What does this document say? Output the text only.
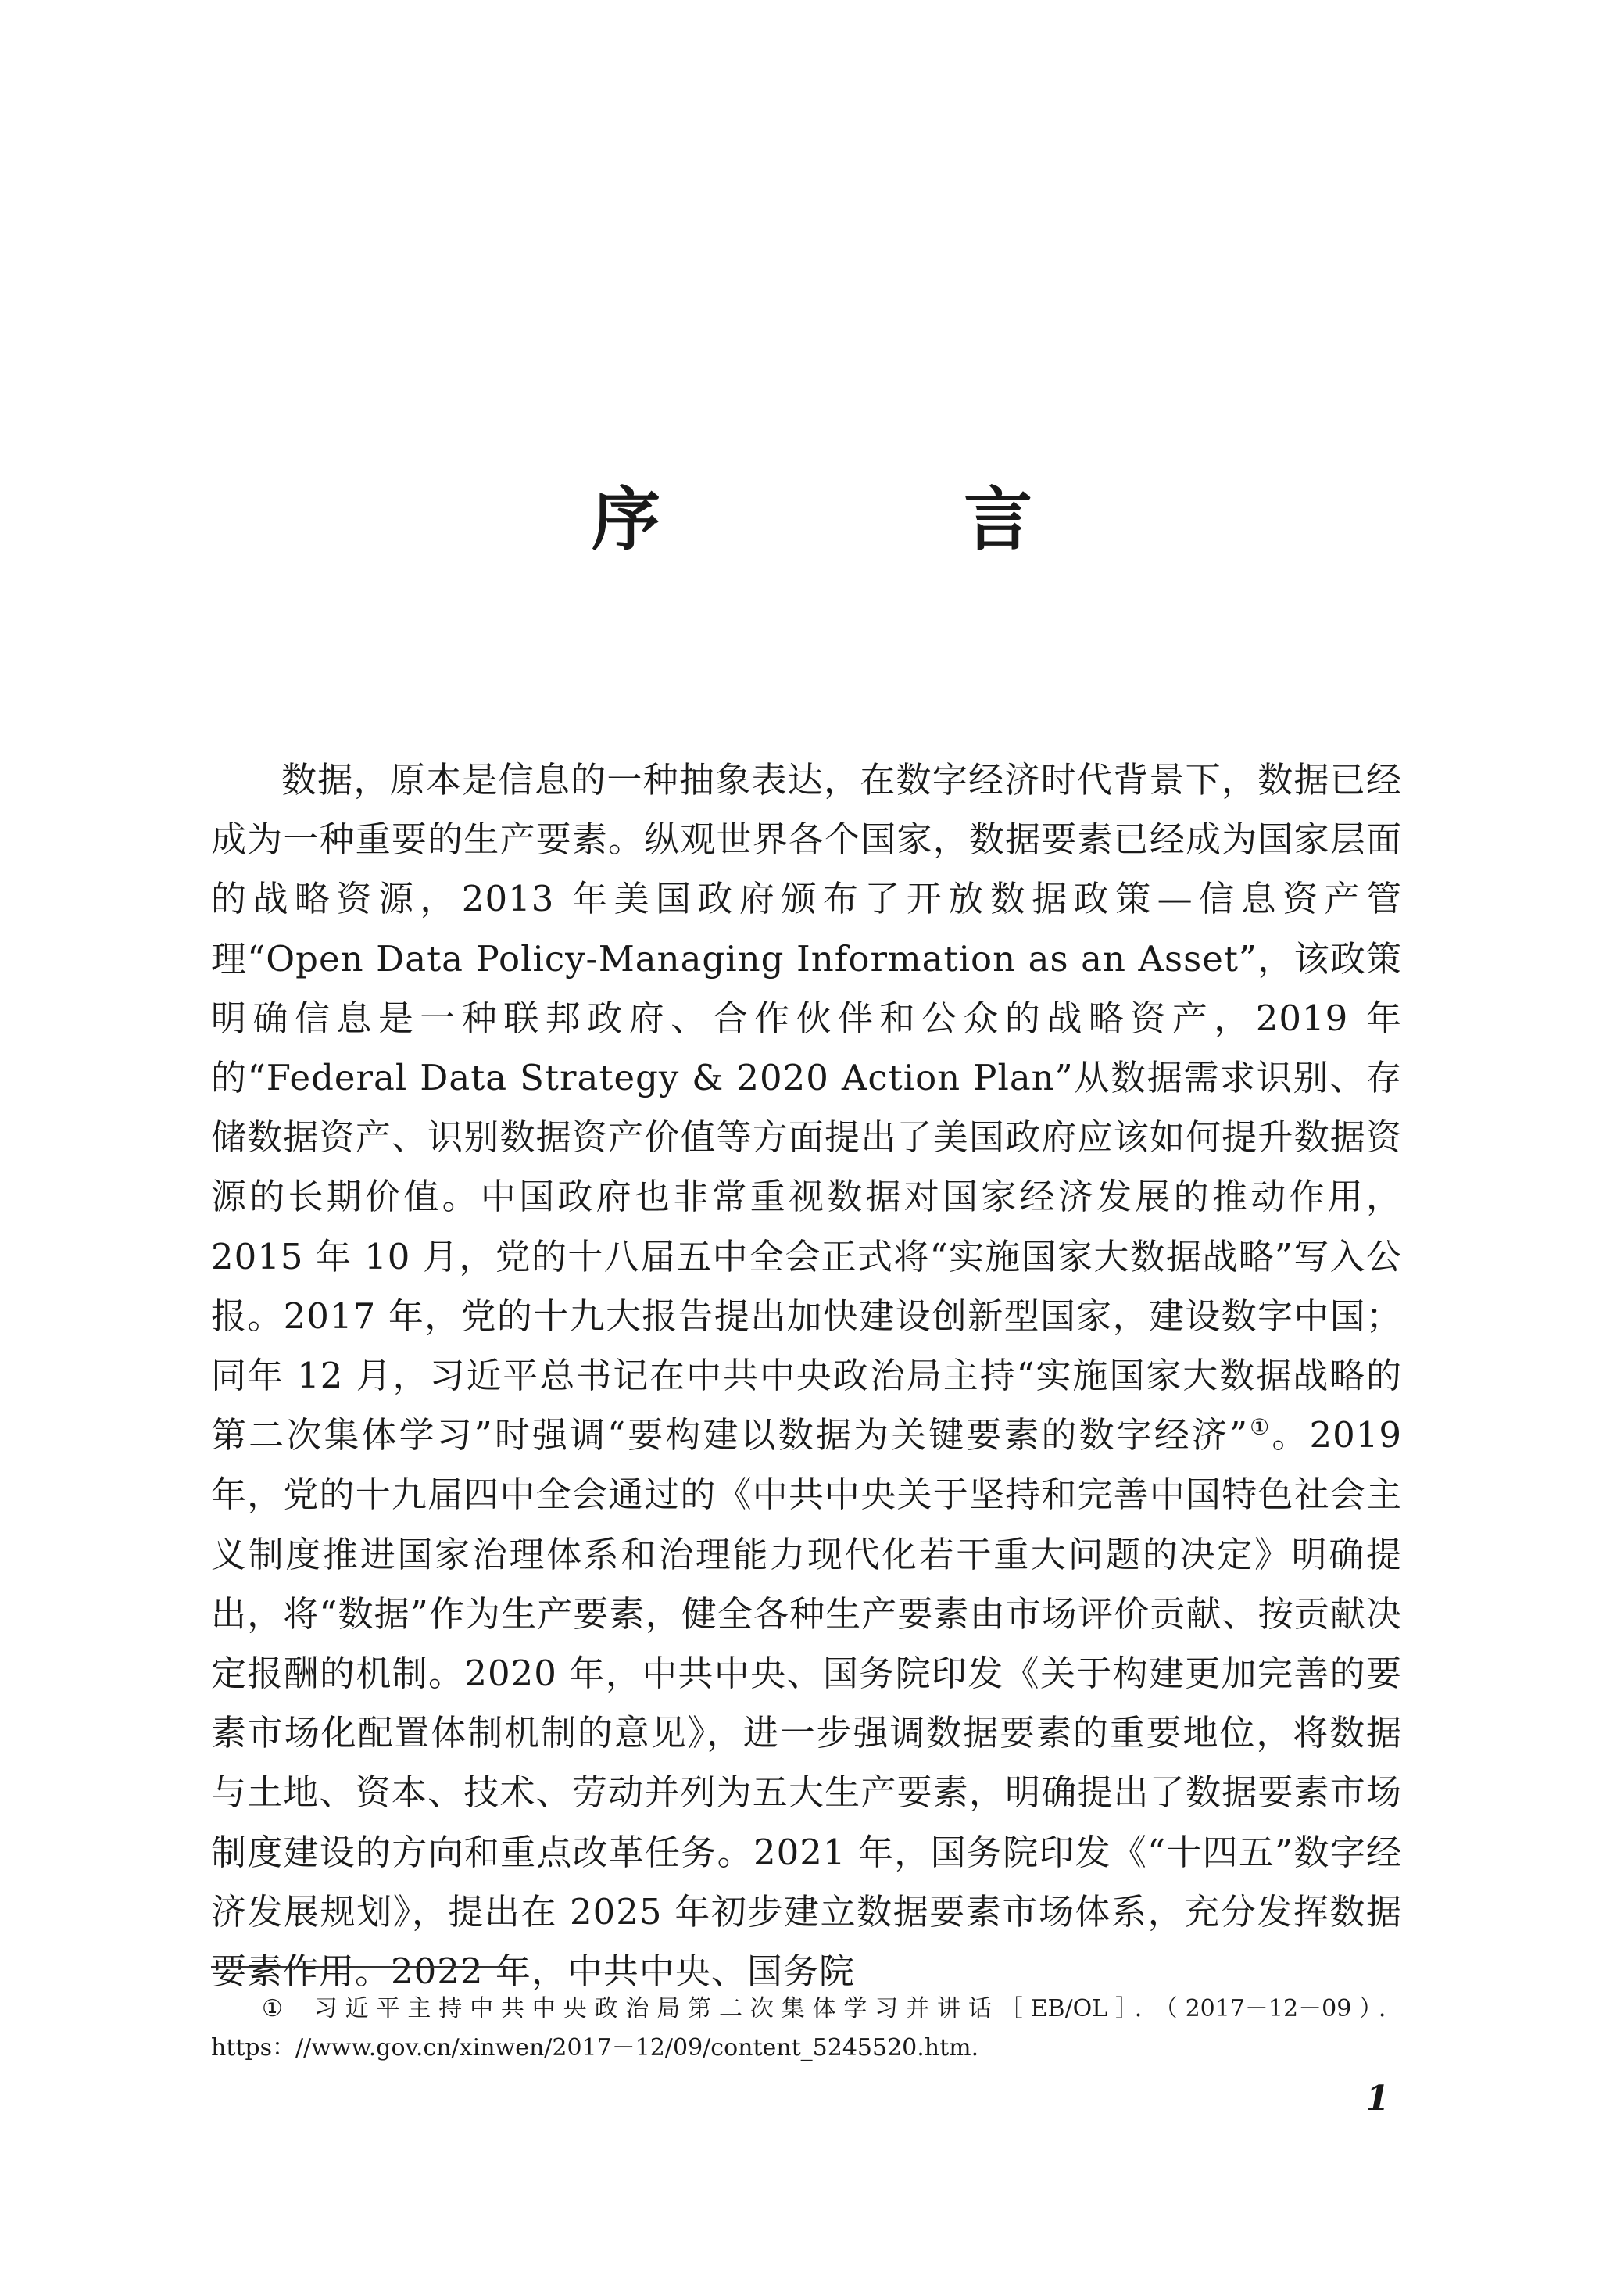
序　言

数据，原本是信息的一种抽象表达，在数字经济时代背景下，数据已经成为一种重要的生产要素。纵观世界各个国家，数据要素已经成为国家层面的战略资源，2013 年美国政府颁布了开放数据政策—信息资产管理“Open Data Policy-Managing Information as an Asset”，该政策明确信息是一种联邦政府、合作伙伴和公众的战略资产，2019 年的“Federal Data Strategy & 2020 Action Plan”从数据需求识别、存储数据资产、识别数据资产价值等方面提出了美国政府应该如何提升数据资源的长期价值。中国政府也非常重视数据对国家经济发展的推动作用，2015 年 10 月，党的十八届五中全会正式将“实施国家大数据战略”写入公报。2017 年，党的十九大报告提出加快建设创新型国家，建设数字中国；同年 12 月，习近平总书记在中共中央政治局主持“实施国家大数据战略的第二次集体学习”时强调“要构建以数据为关键要素的数字经济”①。2019 年，党的十九届四中全会通过的《中共中央关于坚持和完善中国特色社会主义制度推进国家治理体系和治理能力现代化若干重大问题的决定》明确提出，将“数据”作为生产要素，健全各种生产要素由市场评价贡献、按贡献决定报酬的机制。2020 年，中共中央、国务院印发《关于构建更加完善的要素市场化配置体制机制的意见》，进一步强调数据要素的重要地位，将数据与土地、资本、技术、劳动并列为五大生产要素，明确提出了数据要素市场制度建设的方向和重点改革任务。2021 年，国务院印发《“十四五”数字经济发展规划》，提出在 2025 年初步建立数据要素市场体系，充分发挥数据要素作用。2022 年，中共中央、国务院

① 习近平主持中共中央政治局第二次集体学习并讲话［EB/OL］．（2017－12－09）．https：//www.gov.cn/xinwen/2017－12/09/content_5245520.htm.

1
